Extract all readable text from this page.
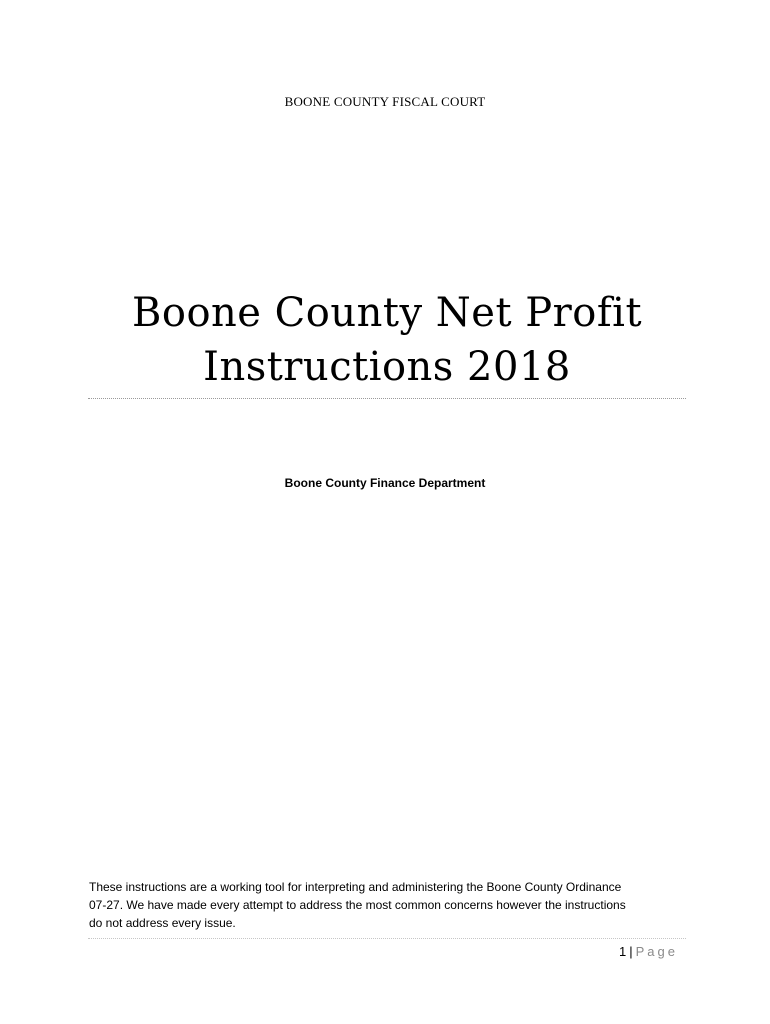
BOONE COUNTY FISCAL COURT
Boone County Net Profit
Instructions 2018
Boone County Finance Department
These instructions are a working tool for interpreting and administering the Boone County Ordinance
07-27. We have made every attempt to address the most common concerns however the instructions
do not address every issue.
1 | Page
